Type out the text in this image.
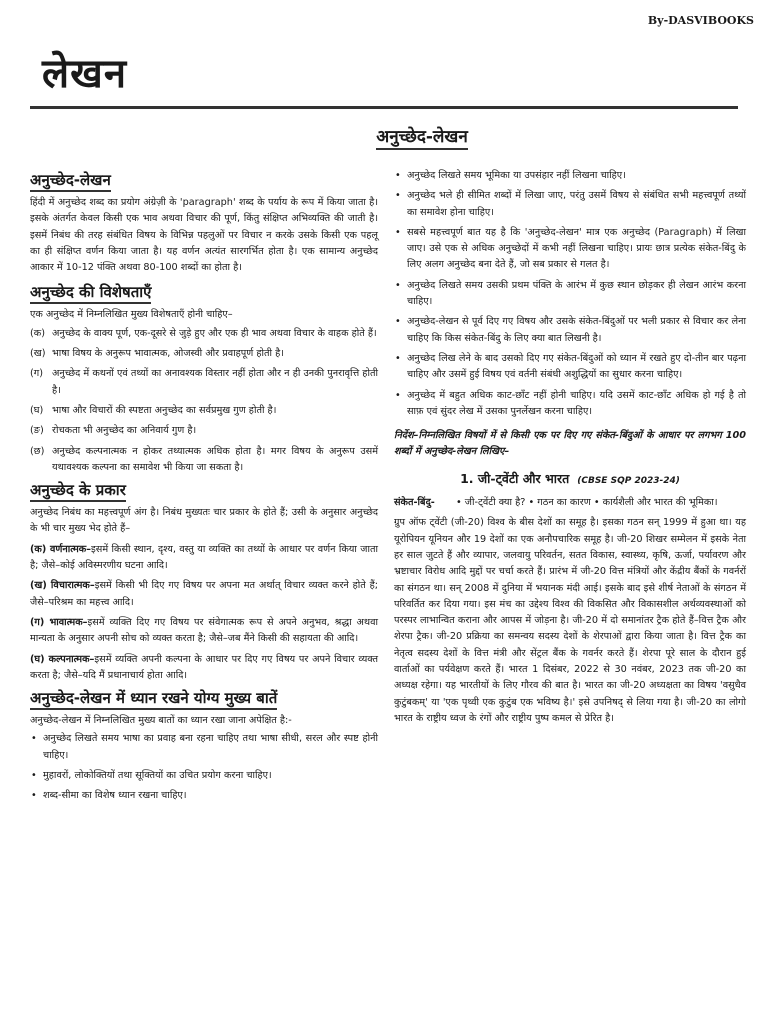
By-DASVIBOOKS
लेखन
अनुच्छेद-लेखन
अनुच्छेद-लेखन

हिंदी में अनुच्छेद शब्द का प्रयोग अंग्रेज़ी के 'paragraph' शब्द के पर्याय के रूप में किया जाता है। इसके अंतर्गत केवल किसी एक भाव अथवा विचार की पूर्ण, किंतु संक्षिप्त अभिव्यक्ति की जाती है। इसमें निबंध की तरह संबंधित विषय के विभिन्न पहलुओं पर विचार न करके उसके किसी एक पहलू का ही संक्षिप्त वर्णन किया जाता है। यह वर्णन अत्यंत सारगर्भित होता है। एक सामान्य अनुच्छेद आकार में 10-12 पंक्ति अथवा 80-100 शब्दों का होता है।

अनुच्छेद की विशेषताएँ

एक अनुच्छेद में निम्नलिखित मुख्य विशेषताएँ होनी चाहिए–

(क) अनुच्छेद के वाक्य पूर्ण, एक-दूसरे से जुड़े हुए और एक ही भाव अथवा विचार के वाहक होते हैं।
(ख) भाषा विषय के अनुरूप भावात्मक, ओजस्वी और प्रवाहपूर्ण होती है।
(ग) अनुच्छेद में कथनों एवं तथ्यों का अनावश्यक विस्तार नहीं होता और न ही उनकी पुनरावृत्ति होती है।
(घ) भाषा और विचारों की स्पष्टता अनुच्छेद का सर्वप्रमुख गुण होती है।
(ङ) रोचकता भी अनुच्छेद का अनिवार्य गुण है।
(छ) अनुच्छेद कल्पनात्मक न होकर तथ्यात्मक अधिक होता है। मगर विषय के अनुरूप उसमें यथावश्यक कल्पना का समावेश भी किया जा सकता है।
अनुच्छेद के प्रकार

अनुच्छेद निबंध का महत्त्वपूर्ण अंग है। निबंध मुख्यतः चार प्रकार के होते हैं; उसी के अनुसार अनुच्छेद के भी चार मुख्य भेद होते हैं–

(क) वर्णनात्मक–इसमें किसी स्थान, दृश्य, वस्तु या व्यक्ति का तथ्यों के आधार पर वर्णन किया जाता है; जैसे–कोई अविस्मरणीय घटना आदि।

(ख) विचारात्मक–इसमें किसी भी दिए गए विषय पर अपना मत अर्थात् विचार व्यक्त करने होते हैं; जैसे–परिश्रम का महत्त्व आदि।

(ग) भावात्मक–इसमें व्यक्ति दिए गए विषय पर संवेगात्मक रूप से अपने अनुभव, श्रद्धा अथवा मान्यता के अनुसार अपनी सोच को व्यक्त करता है; जैसे–जब मैंने किसी की सहायता की आदि।

(घ) कल्पनात्मक–इसमें व्यक्ति अपनी कल्पना के आधार पर दिए गए विषय पर अपने विचार व्यक्त करता है; जैसे–यदि मैं प्रधानाचार्य होता आदि।

अनुच्छेद-लेखन में ध्यान रखने योग्य मुख्य बातें

अनुच्छेद-लेखन में निम्नलिखित मुख्य बातों का ध्यान रखा जाना अपेक्षित है:-

• अनुच्छेद लिखते समय भाषा का प्रवाह बना रहना चाहिए तथा भाषा सीधी, सरल और स्पष्ट होनी चाहिए।
• मुहावरों, लोकोक्तियों तथा सूक्तियों का उचित प्रयोग करना चाहिए।
• शब्द-सीमा का विशेष ध्यान रखना चाहिए।
• अनुच्छेद लिखते समय भूमिका या उपसंहार नहीं लिखना चाहिए।
• अनुच्छेद भले ही सीमित शब्दों में लिखा जाए, परंतु उसमें विषय से संबंधित सभी महत्त्वपूर्ण तथ्यों का समावेश होना चाहिए।
• सबसे महत्त्वपूर्ण बात यह है कि 'अनुच्छेद-लेखन' मात्र एक अनुच्छेद (Paragraph) में लिखा जाए। उसे एक से अधिक अनुच्छेदों में कभी नहीं लिखना चाहिए। प्रायः छात्र प्रत्येक संकेत-बिंदु के लिए अलग अनुच्छेद बना देते हैं, जो सब प्रकार से गलत है।
• अनुच्छेद लिखते समय उसकी प्रथम पंक्ति के आरंभ में कुछ स्थान छोड़कर ही लेखन आरंभ करना चाहिए।
• अनुच्छेद-लेखन से पूर्व दिए गए विषय और उसके संकेत-बिंदुओं पर भली प्रकार से विचार कर लेना चाहिए कि किस संकेत-बिंदु के लिए क्या बात लिखनी है।
• अनुच्छेद लिख लेने के बाद उसको दिए गए संकेत-बिंदुओं को ध्यान में रखते हुए दो-तीन बार पढ़ना चाहिए और उसमें हुई विषय एवं वर्तनी संबंधी अशुद्धियों का सुधार करना चाहिए।
• अनुच्छेद में बहुत अधिक काट-छाँट नहीं होनी चाहिए। यदि उसमें काट-छाँट अधिक हो गई है तो साफ़ एवं सुंदर लेख में उसका पुनर्लेखन करना चाहिए।

निर्देश–निम्नलिखित विषयों में से किसी एक पर दिए गए संकेत-बिंदुओं के आधार पर लगभग 100 शब्दों में अनुच्छेद-लेखन लिखिए–

1. जी-ट्वेंटी और भारत (CBSE SQP 2023-24)
संकेत-बिंदु- • जी-ट्वेंटी क्या है? • गठन का कारण • कार्यशैली और भारत की भूमिका।

ग्रुप ऑफ ट्वेंटी (जी-20) विश्व के बीस देशों का समूह है। इसका गठन सन् 1999 में हुआ था। यह यूरोपियन यूनियन और 19 देशों का एक अनौपचारिक समूह है। जी-20 शिखर सम्मेलन में इसके नेता हर साल जुटते हैं और व्यापार, जलवायु परिवर्तन, सतत विकास, स्वास्थ्य, कृषि, ऊर्जा, पर्यावरण और भ्रष्टाचार विरोध आदि मुद्दों पर चर्चा करते हैं। प्रारंभ में जी-20 वित्त मंत्रियों और केंद्रीय बैंकों के गवर्नरों का संगठन था। सन् 2008 में दुनिया में भयानक मंदी आई। इसके बाद इसे शीर्ष नेताओं के संगठन में परिवर्तित कर दिया गया। इस मंच का उद्देश्य विश्व की विकसित और विकासशील अर्थव्यवस्थाओं को परस्पर लाभान्वित कराना और आपस में जोड़ना है। जी-20 में दो समानांतर ट्रैक होते हैं–वित्त ट्रैक और शेरपा ट्रैक। जी-20 प्रक्रिया का समन्वय सदस्य देशों के शेरपाओं द्वारा किया जाता है। वित्त ट्रैक का नेतृत्व सदस्य देशों के वित्त मंत्री और सेंट्रल बैंक के गवर्नर करते हैं। शेरपा पूरे साल के दौरान हुई वार्ताओं का पर्यवेक्षण करते हैं। भारत 1 दिसंबर, 2022 से 30 नवंबर, 2023 तक जी-20 का अध्यक्ष रहेगा। यह भारतीयों के लिए गौरव की बात है। भारत का जी-20 अध्यक्षता का विषय 'वसुधैव कुटुंबकम्' या 'एक पृथ्वी एक कुटुंब एक भविष्य है।' इसे उपनिषद् से लिया गया है। जी-20 का लोगो भारत के राष्ट्रीय ध्वज के रंगों और राष्ट्रीय पुष्प कमल से प्रेरित है।
